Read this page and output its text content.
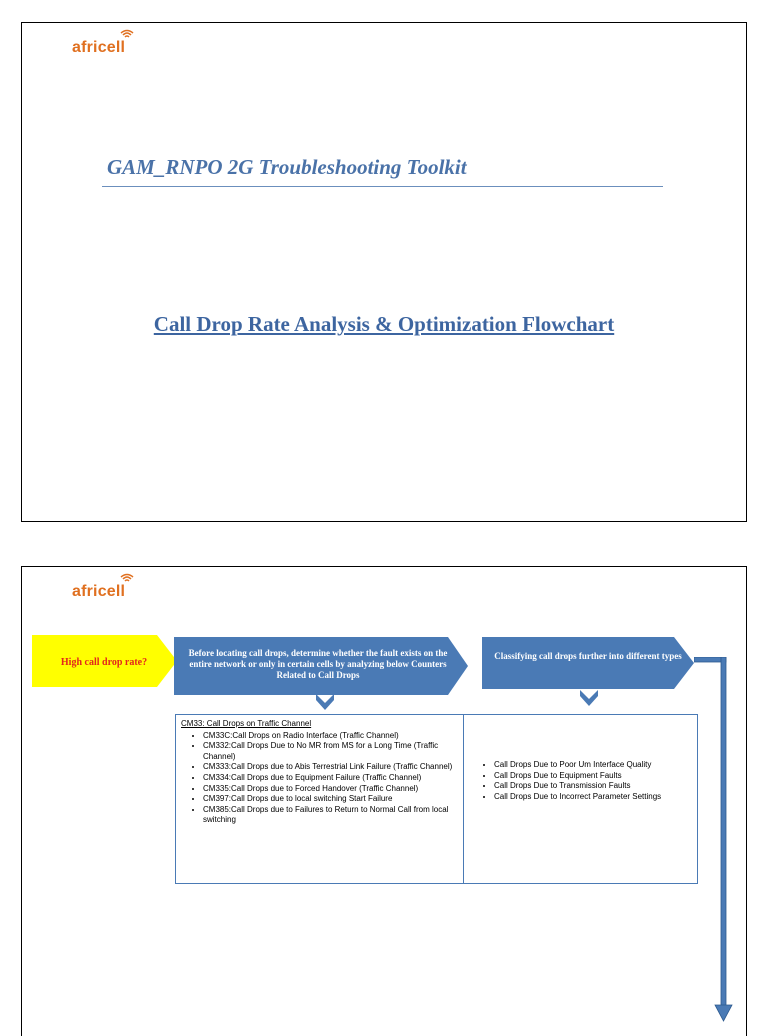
africell
GAM_RNPO 2G Troubleshooting Toolkit
Call Drop Rate Analysis & Optimization Flowchart
africell
High call drop rate?
Before locating call drops, determine whether the fault exists on the entire network or only in certain cells by analyzing below Counters Related to Call Drops
Classifying call drops further into different types
CM33: Call Drops on Traffic Channel
• CM33C:Call Drops on Radio Interface (Traffic Channel)
• CM332:Call Drops Due to No MR from MS for a Long Time (Traffic Channel)
• CM333:Call Drops due to Abis Terrestrial Link Failure (Traffic Channel)
• CM334:Call Drops due to Equipment Failure (Traffic Channel)
• CM335:Call Drops due to Forced Handover (Traffic Channel)
• CM397:Call Drops due to local switching Start Failure
• CM385:Call Drops due to Failures to Return to Normal Call from local switching
• Call Drops Due to Poor Um Interface Quality
• Call Drops Due to Equipment Faults
• Call Drops Due to Transmission Faults
• Call Drops Due to Incorrect Parameter Settings
